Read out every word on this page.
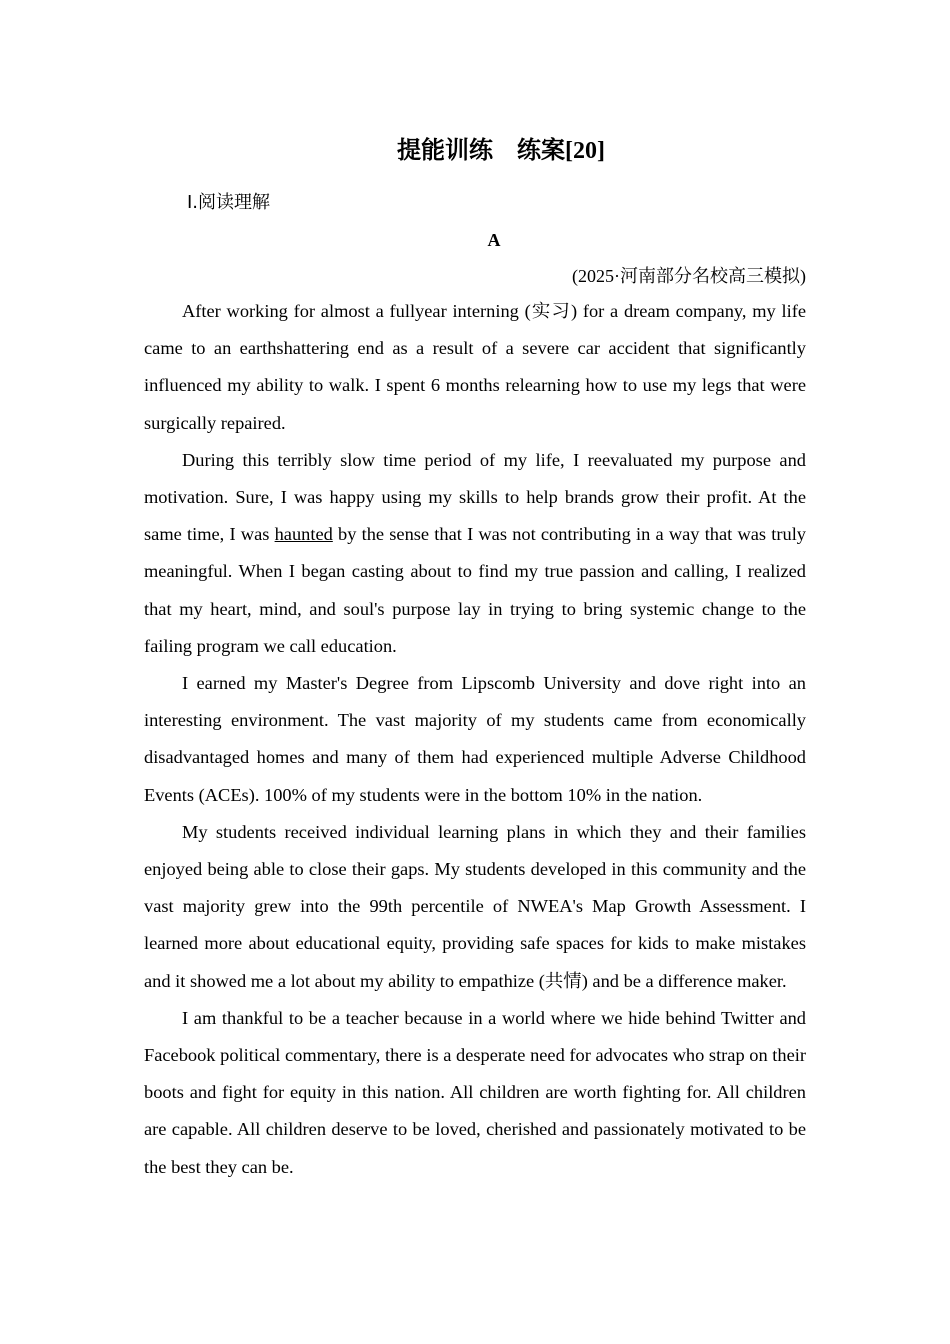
提能训练　练案[20]
Ⅰ.阅读理解
A
(2025·河南部分名校高三模拟)

After working for almost a fullyear interning (实习) for a dream company, my life came to an earthshattering end as a result of a severe car accident that significantly influenced my ability to walk. I spent 6 months relearning how to use my legs that were surgically repaired.

During this terribly slow time period of my life, I reevaluated my purpose and motivation. Sure, I was happy using my skills to help brands grow their profit. At the same time, I was haunted by the sense that I was not contributing in a way that was truly meaningful. When I began casting about to find my true passion and calling, I realized that my heart, mind, and soul's purpose lay in trying to bring systemic change to the failing program we call education.

I earned my Master's Degree from Lipscomb University and dove right into an interesting environment. The vast majority of my students came from economically disadvantaged homes and many of them had experienced multiple Adverse Childhood Events (ACEs). 100% of my students were in the bottom 10% in the nation.

My students received individual learning plans in which they and their families enjoyed being able to close their gaps. My students developed in this community and the vast majority grew into the 99th percentile of NWEA's Map Growth Assessment. I learned more about educational equity, providing safe spaces for kids to make mistakes and it showed me a lot about my ability to empathize (共情) and be a difference maker.

I am thankful to be a teacher because in a world where we hide behind Twitter and Facebook political commentary, there is a desperate need for advocates who strap on their boots and fight for equity in this nation. All children are worth fighting for. All children are capable. All children deserve to be loved, cherished and passionately motivated to be the best they can be.
